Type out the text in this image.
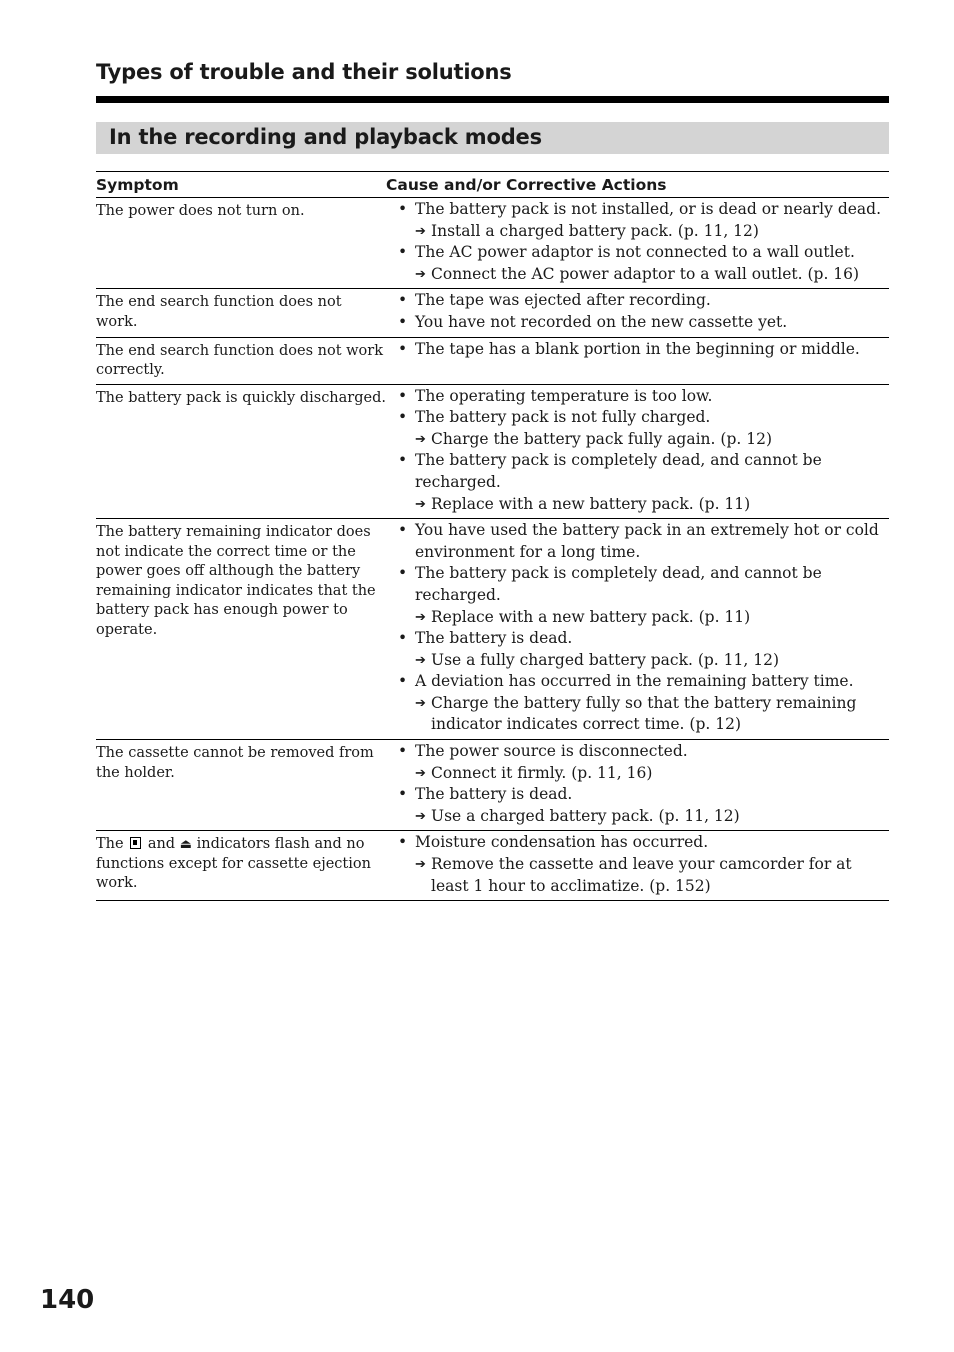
Types of trouble and their solutions
In the recording and playback modes
Symptom	Cause and/or Corrective Actions
The power does not turn on.	• The battery pack is not installed, or is dead or nearly dead.
➔ Install a charged battery pack. (p. 11, 12)
• The AC power adaptor is not connected to a wall outlet.
➔ Connect the AC power adaptor to a wall outlet. (p. 16)
The end search function does not work.
• The tape was ejected after recording.
• You have not recorded on the new cassette yet.
The end search function does not work correctly.
• The tape has a blank portion in the beginning or middle.
The battery pack is quickly discharged. • The operating temperature is too low.
• The battery pack is not fully charged.
➔ Charge the battery pack fully again. (p. 12)
• The battery pack is completely dead, and cannot be recharged.
➔ Replace with a new battery pack. (p. 11)
The battery remaining indicator does not indicate the correct time or the power goes off although the battery remaining indicator indicates that the battery pack has enough power to operate.
• You have used the battery pack in an extremely hot or cold environment for a long time.
• The battery pack is completely dead, and cannot be recharged.
➔ Replace with a new battery pack. (p. 11)
• The battery is dead.
➔ Use a fully charged battery pack. (p. 11, 12)
• A deviation has occurred in the remaining battery time.
➔ Charge the battery fully so that the battery remaining indicator indicates correct time. (p. 12)
The cassette cannot be removed from the holder.
• The power source is disconnected.
➔ Connect it firmly. (p. 11, 16)
• The battery is dead.
➔ Use a charged battery pack. (p. 11, 12)
The and ⏏ indicators flash and no functions except for cassette ejection work.
• Moisture condensation has occurred.
➔ Remove the cassette and leave your camcorder for at least 1 hour to acclimatize. (p. 152)
140
